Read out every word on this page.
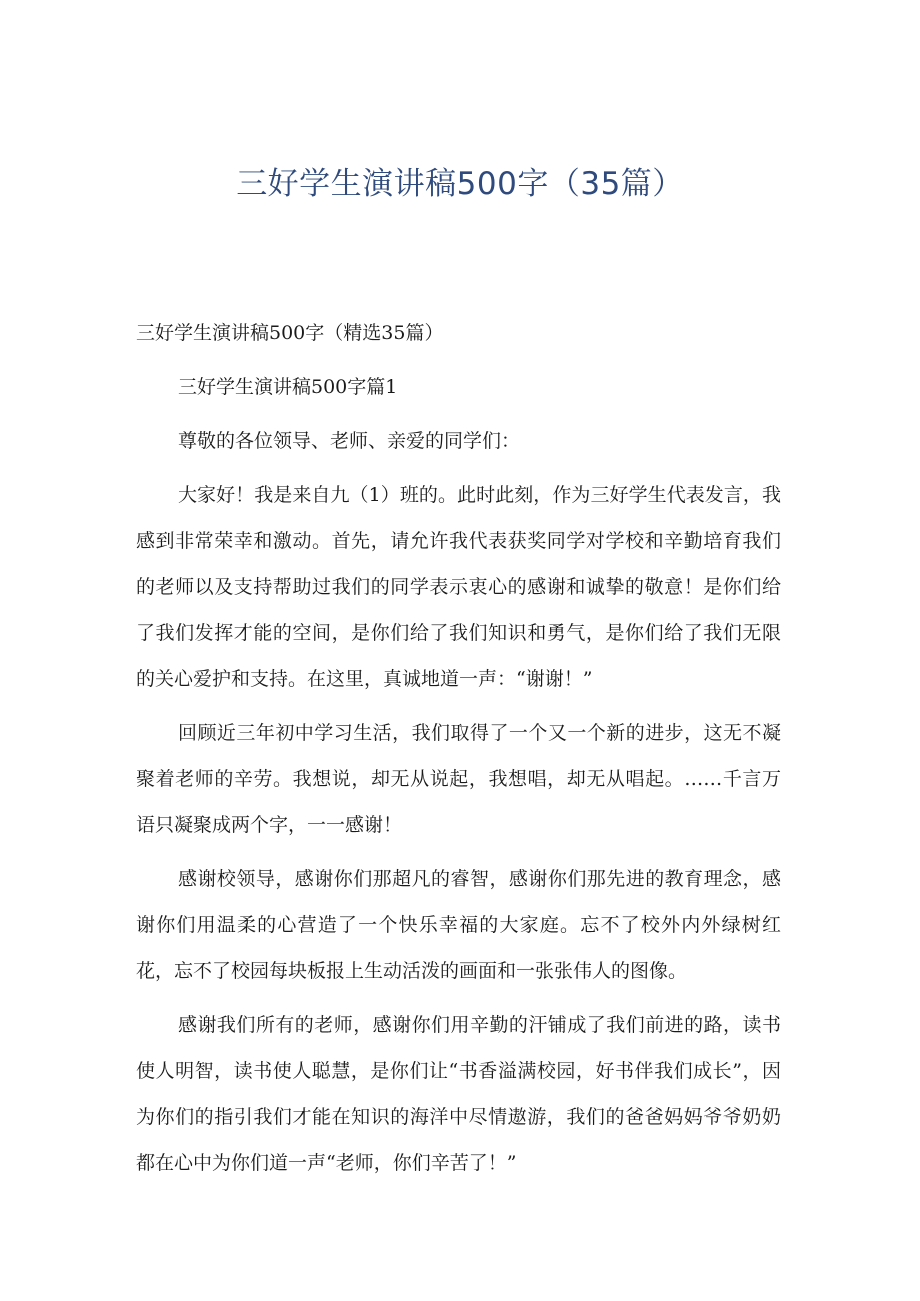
三好学生演讲稿500字（35篇）

三好学生演讲稿500字（精选35篇）

三好学生演讲稿500字篇1

尊敬的各位领导、老师、亲爱的同学们：

大家好！我是来自九（1）班的。此时此刻，作为三好学生代表发言，我感到非常荣幸和激动。首先，请允许我代表获奖同学对学校和辛勤培育我们的老师以及支持帮助过我们的同学表示衷心的感谢和诚挚的敬意！是你们给了我们发挥才能的空间，是你们给了我们知识和勇气，是你们给了我们无限的关心爱护和支持。在这里，真诚地道一声：“谢谢！”

回顾近三年初中学习生活，我们取得了一个又一个新的进步，这无不凝聚着老师的辛劳。我想说，却无从说起，我想唱，却无从唱起。……千言万语只凝聚成两个字，一一感谢！

感谢校领导，感谢你们那超凡的睿智，感谢你们那先进的教育理念，感谢你们用温柔的心营造了一个快乐幸福的大家庭。忘不了校外内外绿树红花，忘不了校园每块板报上生动活泼的画面和一张张伟人的图像。

感谢我们所有的老师，感谢你们用辛勤的汗铺成了我们前进的路，读书使人明智，读书使人聪慧，是你们让“书香溢满校园，好书伴我们成长”，因为你们的指引我们才能在知识的海洋中尽情遨游，我们的爸爸妈妈爷爷奶奶都在心中为你们道一声“老师，你们辛苦了！”
